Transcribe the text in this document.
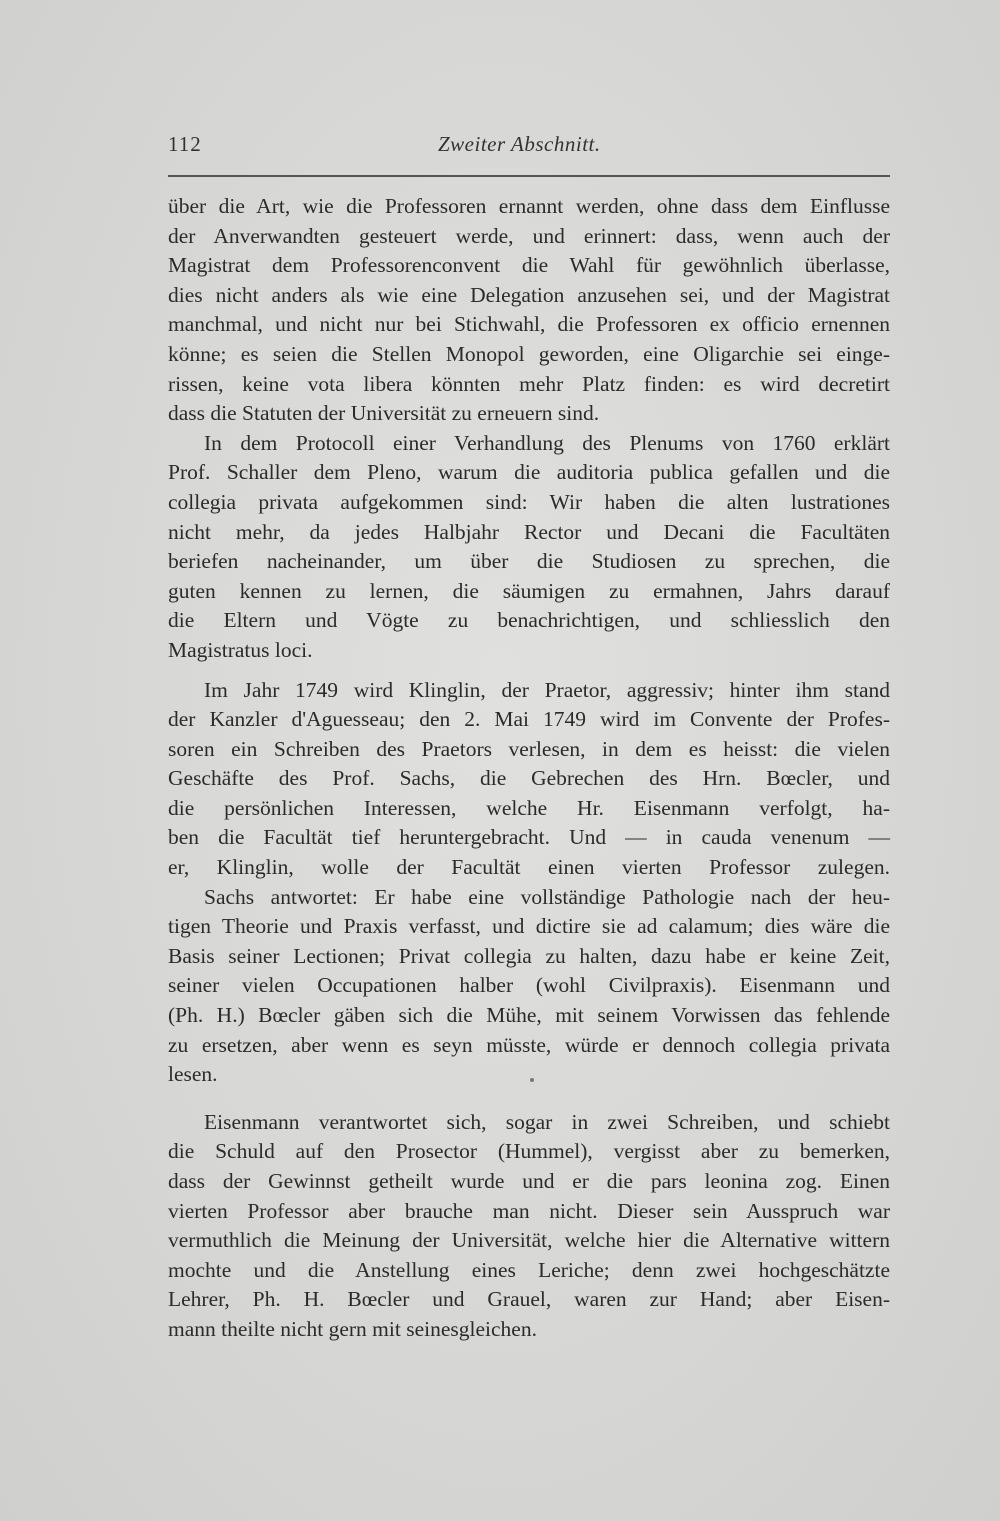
112	Zweiter Abschnitt.
über die Art, wie die Professoren ernannt werden, ohne dass dem Einflusse
der Anverwandten gesteuert werde, und erinnert: dass, wenn auch der
Magistrat dem Professorenconvent die Wahl für gewöhnlich überlasse,
dies nicht anders als wie eine Delegation anzusehen sei, und der Magistrat
manchmal, und nicht nur bei Stichwahl, die Professoren ex officio ernennen
könne; es seien die Stellen Monopol geworden, eine Oligarchie sei einge-
rissen, keine vota libera könnten mehr Platz finden: es wird decretirt
dass die Statuten der Universität zu erneuern sind.
In dem Protocoll einer Verhandlung des Plenums von 1760 erklärt
Prof. Schaller dem Pleno, warum die auditoria publica gefallen und die
collegia privata aufgekommen sind: Wir haben die alten lustrationes
nicht mehr, da jedes Halbjahr Rector und Decani die Facultäten
beriefen nacheinander, um über die Studiosen zu sprechen, die
guten kennen zu lernen, die säumigen zu ermahnen, Jahrs darauf
die Eltern und Vögte zu benachrichtigen, und schliesslich den
Magistratus loci.
Im Jahr 1749 wird Klinglin, der Praetor, aggressiv; hinter ihm stand
der Kanzler d'Aguesseau; den 2. Mai 1749 wird im Convente der Profes-
soren ein Schreiben des Praetors verlesen, in dem es heisst: die vielen
Geschäfte des Prof. Sachs, die Gebrechen des Hrn. Bœcler, und
die persönlichen Interessen, welche Hr. Eisenmann verfolgt, ha-
ben die Facultät tief heruntergebracht. Und — in cauda venenum —
er, Klinglin, wolle der Facultät einen vierten Professor zulegen.
Sachs antwortet: Er habe eine vollständige Pathologie nach der heu-
tigen Theorie und Praxis verfasst, und dictire sie ad calamum; dies wäre die
Basis seiner Lectionen; Privat collegia zu halten, dazu habe er keine Zeit,
seiner vielen Occupationen halber (wohl Civilpraxis). Eisenmann und
(Ph. H.) Bœcler gäben sich die Mühe, mit seinem Vorwissen das fehlende
zu ersetzen, aber wenn es seyn müsste, würde er dennoch collegia privata
lesen.
Eisenmann verantwortet sich, sogar in zwei Schreiben, und schiebt
die Schuld auf den Prosector (Hummel), vergisst aber zu bemerken,
dass der Gewinnst getheilt wurde und er die pars leonina zog. Einen
vierten Professor aber brauche man nicht. Dieser sein Ausspruch war
vermuthlich die Meinung der Universität, welche hier die Alternative wittern
mochte und die Anstellung eines Leriche; denn zwei hochgeschätzte
Lehrer, Ph. H. Bœcler und Grauel, waren zur Hand; aber Eisen-
mann theilte nicht gern mit seinesgleichen.
